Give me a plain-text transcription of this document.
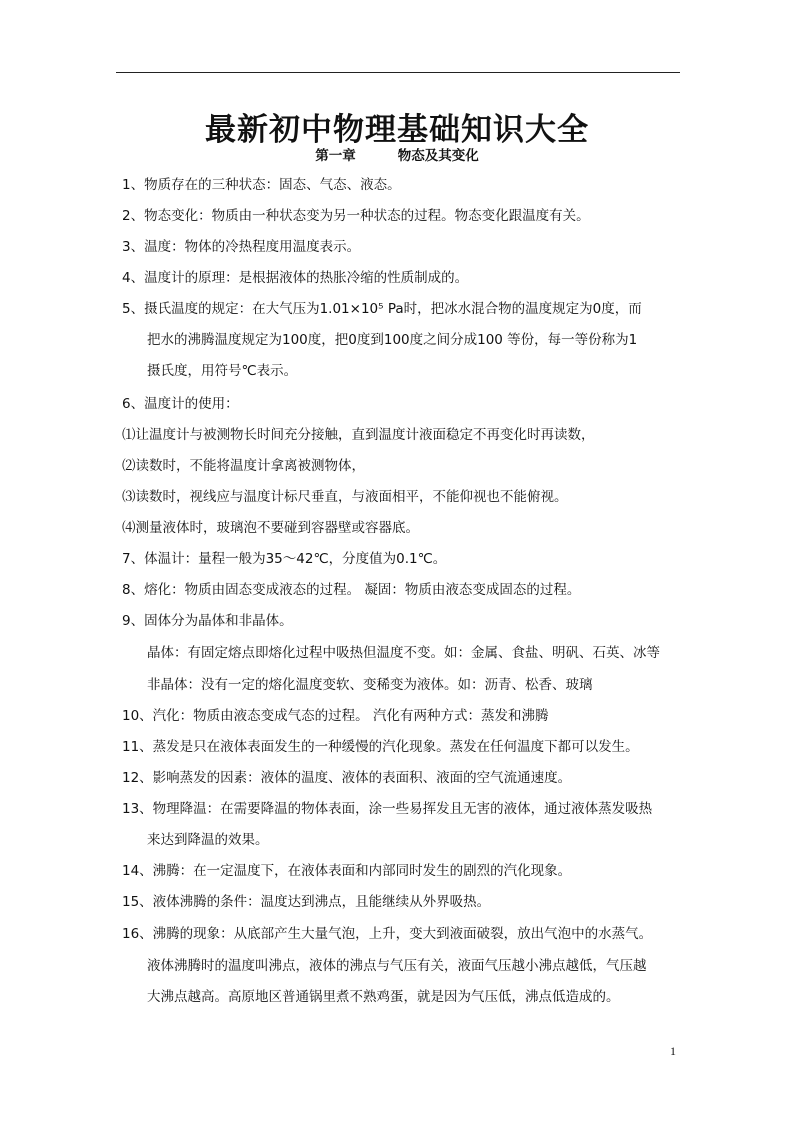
最新初中物理基础知识大全
第一章	物态及其变化
1、物质存在的三种状态：固态、气态、液态。
2、物态变化：物质由一种状态变为另一种状态的过程。物态变化跟温度有关。
3、温度：物体的冷热程度用温度表示。
4、温度计的原理：是根据液体的热胀冷缩的性质制成的。
5、摄氏温度的规定：在大气压为1.01×10⁵ Pa时，把冰水混合物的温度规定为0度，而
把水的沸腾温度规定为100度，把0度到100度之间分成100 等份，每一等份称为1
摄氏度，用符号℃表示。
6、温度计的使用：
⑴让温度计与被测物长时间充分接触，直到温度计液面稳定不再变化时再读数，
⑵读数时，不能将温度计拿离被测物体，
⑶读数时，视线应与温度计标尺垂直，与液面相平，不能仰视也不能俯视。
⑷测量液体时，玻璃泡不要碰到容器壁或容器底。
7、体温计：量程一般为35～42℃，分度值为0.1℃。
8、熔化：物质由固态变成液态的过程。 凝固：物质由液态变成固态的过程。
9、固体分为晶体和非晶体。
晶体：有固定熔点即熔化过程中吸热但温度不变。如：金属、食盐、明矾、石英、冰等
非晶体：没有一定的熔化温度变软、变稀变为液体。如：沥青、松香、玻璃
10、汽化：物质由液态变成气态的过程。 汽化有两种方式：蒸发和沸腾
11、蒸发是只在液体表面发生的一种缓慢的汽化现象。蒸发在任何温度下都可以发生。
12、影响蒸发的因素：液体的温度、液体的表面积、液面的空气流通速度。
13、物理降温：在需要降温的物体表面，涂一些易挥发且无害的液体，通过液体蒸发吸热
来达到降温的效果。
14、沸腾：在一定温度下，在液体表面和内部同时发生的剧烈的汽化现象。
15、液体沸腾的条件：温度达到沸点，且能继续从外界吸热。
16、沸腾的现象：从底部产生大量气泡，上升，变大到液面破裂，放出气泡中的水蒸气。
液体沸腾时的温度叫沸点，液体的沸点与气压有关，液面气压越小沸点越低，气压越
大沸点越高。高原地区普通锅里煮不熟鸡蛋，就是因为气压低，沸点低造成的。
1
